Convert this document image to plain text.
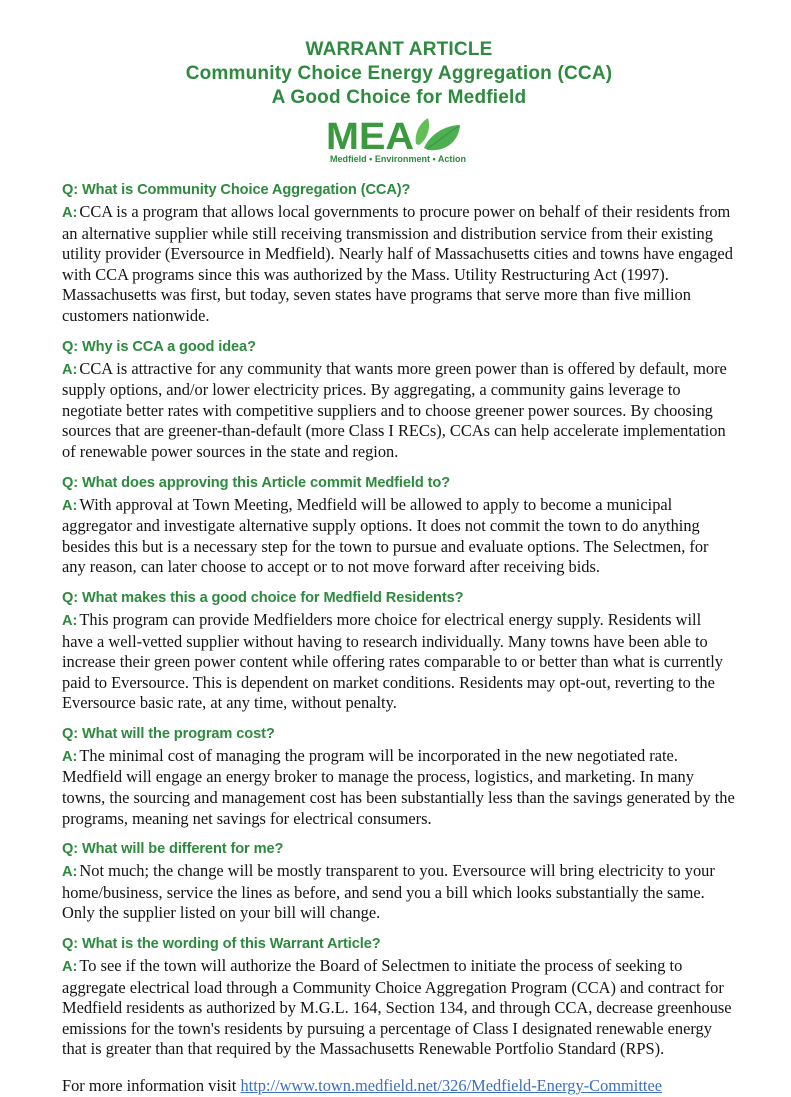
WARRANT ARTICLE
Community Choice Energy Aggregation (CCA)
A Good Choice for Medfield
MEA
Medfield • Environment • Action
Q: What is Community Choice Aggregation (CCA)?
A: CCA is a program that allows local governments to procure power on behalf of their residents from an alternative supplier while still receiving transmission and distribution service from their existing utility provider (Eversource in Medfield). Nearly half of Massachusetts cities and towns have engaged with CCA programs since this was authorized by the Mass. Utility Restructuring Act (1997). Massachusetts was first, but today, seven states have programs that serve more than five million customers nationwide.
Q: Why is CCA a good idea?
A: CCA is attractive for any community that wants more green power than is offered by default, more supply options, and/or lower electricity prices. By aggregating, a community gains leverage to negotiate better rates with competitive suppliers and to choose greener power sources. By choosing sources that are greener-than-default (more Class I RECs), CCAs can help accelerate implementation of renewable power sources in the state and region.
Q: What does approving this Article commit Medfield to?
A: With approval at Town Meeting, Medfield will be allowed to apply to become a municipal aggregator and investigate alternative supply options. It does not commit the town to do anything besides this but is a necessary step for the town to pursue and evaluate options. The Selectmen, for any reason, can later choose to accept or to not move forward after receiving bids.
Q: What makes this a good choice for Medfield Residents?
A: This program can provide Medfielders more choice for electrical energy supply. Residents will have a well-vetted supplier without having to research individually. Many towns have been able to increase their green power content while offering rates comparable to or better than what is currently paid to Eversource. This is dependent on market conditions. Residents may opt-out, reverting to the Eversource basic rate, at any time, without penalty.
Q: What will the program cost?
A: The minimal cost of managing the program will be incorporated in the new negotiated rate. Medfield will engage an energy broker to manage the process, logistics, and marketing. In many towns, the sourcing and management cost has been substantially less than the savings generated by the programs, meaning net savings for electrical consumers.
Q: What will be different for me?
A: Not much; the change will be mostly transparent to you. Eversource will bring electricity to your home/business, service the lines as before, and send you a bill which looks substantially the same. Only the supplier listed on your bill will change.
Q: What is the wording of this Warrant Article?
A: To see if the town will authorize the Board of Selectmen to initiate the process of seeking to aggregate electrical load through a Community Choice Aggregation Program (CCA) and contract for Medfield residents as authorized by M.G.L. 164, Section 134, and through CCA, decrease greenhouse emissions for the town's residents by pursuing a percentage of Class I designated renewable energy that is greater than that required by the Massachusetts Renewable Portfolio Standard (RPS).
For more information visit http://www.town.medfield.net/326/Medfield-Energy-Committee
